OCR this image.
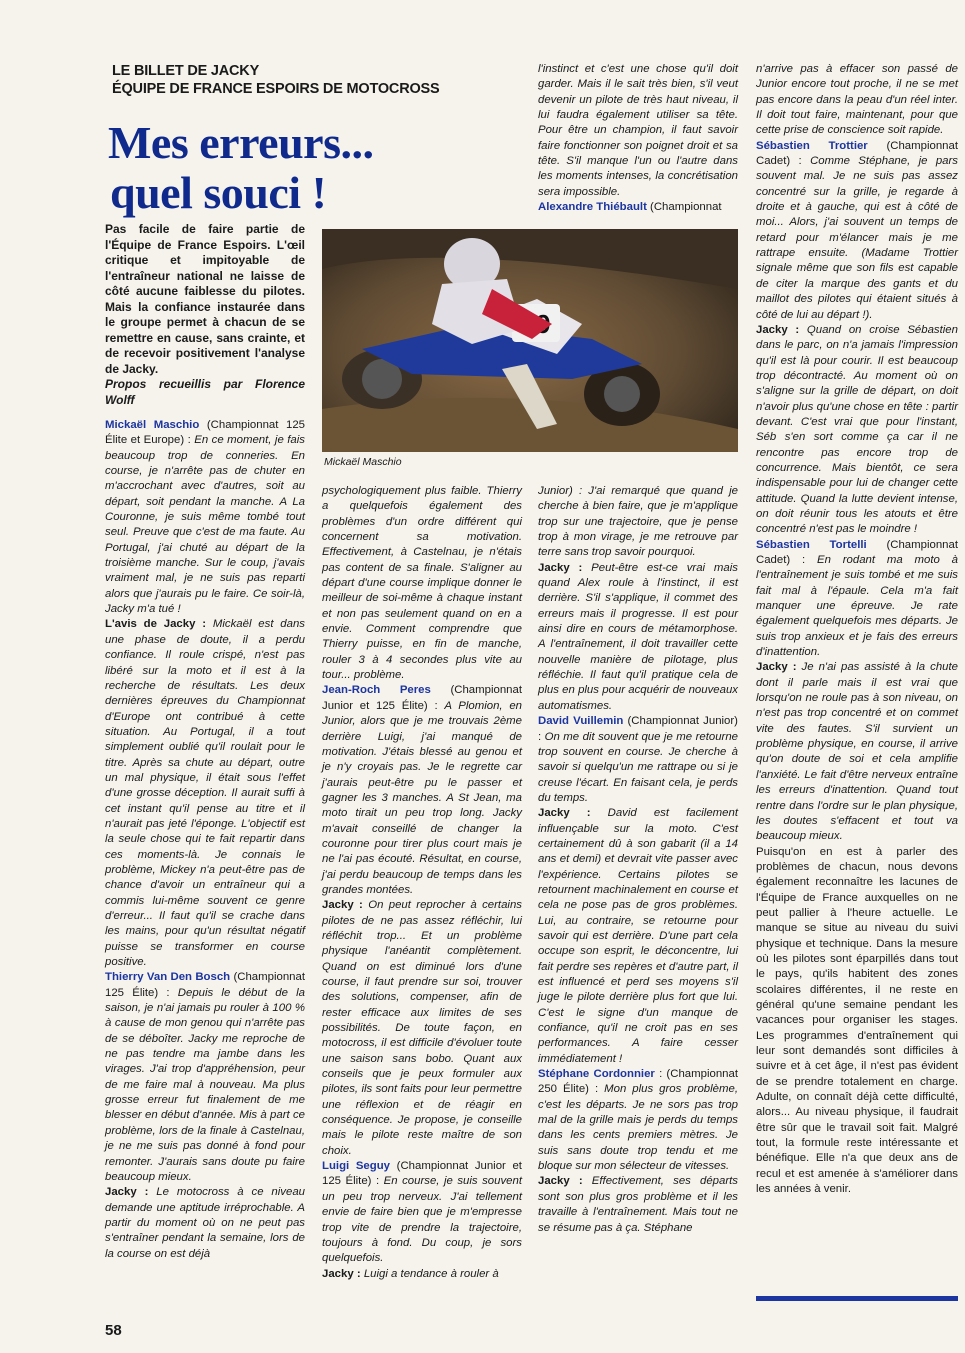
LE BILLET DE JACKY
ÉQUIPE DE FRANCE ESPOIRS DE MOTOCROSS
Mes erreurs...
quel souci !

Pas facile de faire partie de l'Équipe de France Espoirs. L'œil critique et impitoyable de l'entraîneur national ne laisse de côté aucune faiblesse du pilotes. Mais la confiance instaurée dans le groupe permet à chacun de se remettre en cause, sans crainte, et de recevoir positivement l'analyse de Jacky.

Propos recueillis par Florence Wolff

Mickaël Maschio (Championnat 125 Élite et Europe) : En ce moment, je fais beaucoup trop de conneries. En course, je n'arrête pas de chuter en m'accrochant avec d'autres, soit au départ, soit pendant la manche. A La Couronne, je suis même tombé tout seul. Preuve que c'est de ma faute. Au Portugal, j'ai chuté au départ de la troisième manche. Sur le coup, j'avais vraiment mal, je ne suis pas reparti alors que j'aurais pu le faire. Ce soir-là, Jacky m'a tué !

L'avis de Jacky : Mickaël est dans une phase de doute, il a perdu confiance. Il roule crispé, n'est pas libéré sur la moto et il est à la recherche de résultats. Les deux dernières épreuves du Championnat d'Europe ont contribué à cette situation. Au Portugal, il a tout simplement oublié qu'il roulait pour le titre. Après sa chute au départ, outre un mal physique, il était sous l'effet d'une grosse déception. Il aurait suffi à cet instant qu'il pense au titre et il n'aurait pas jeté l'éponge. L'objectif est la seule chose qui te fait repartir dans ces moments-là. Je connais le problème, Mickey n'a peut-être pas de chance d'avoir un entraîneur qui a commis lui-même souvent ce genre d'erreur... Il faut qu'il se crache dans les mains, pour qu'un résultat négatif puisse se transformer en course positive.

Thierry Van Den Bosch (Championnat 125 Élite) : Depuis le début de la saison, je n'ai jamais pu rouler à 100 % à cause de mon genou qui n'arrête pas de se déboîter. Jacky me reproche de ne pas tendre ma jambe dans les virages. J'ai trop d'appréhension, peur de me faire mal à nouveau. Ma plus grosse erreur fut finalement de me blesser en début d'année. Mis à part ce problème, lors de la finale à Castelnau, je ne me suis pas donné à fond pour remonter. J'aurais sans doute pu faire beaucoup mieux.

Jacky : Le motocross à ce niveau demande une aptitude irréprochable. A partir du moment où on ne peut pas s'entraîner pendant la semaine, lors de la course on est déjà

Mickaël Maschio

l'instinct et c'est une chose qu'il doit garder. Mais il le sait très bien, s'il veut devenir un pilote de très haut niveau, il lui faudra également utiliser sa tête. Pour être un champion, il faut savoir faire fonctionner son poignet droit et sa tête. S'il manque l'un ou l'autre dans les moments intenses, la concrétisation sera impossible.

Alexandre Thiébault (Championnat

psychologiquement plus faible. Thierry a quelquefois également des problèmes d'un ordre différent qui concernent sa motivation. Effectivement, à Castelnau, je n'étais pas content de sa finale. S'aligner au départ d'une course implique donner le meilleur de soi-même à chaque instant et non pas seulement quand on en a envie. Comment comprendre que Thierry puisse, en fin de manche, rouler 3 à 4 secondes plus vite au tour... problème.

Jean-Roch Peres (Championnat Junior et 125 Élite) : A Plomion, en Junior, alors que je me trouvais 2ème derrière Luigi, j'ai manqué de motivation. J'étais blessé au genou et je n'y croyais pas. Je le regrette car j'aurais peut-être pu le passer et gagner les 3 manches. A St Jean, ma moto tirait un peu trop long. Jacky m'avait conseillé de changer la couronne pour tirer plus court mais je ne l'ai pas écouté. Résultat, en course, j'ai perdu beaucoup de temps dans les grandes montées.

Jacky : On peut reprocher à certains pilotes de ne pas assez réfléchir, lui réfléchit trop... Et un problème physique l'anéantit complètement. Quand on est diminué lors d'une course, il faut prendre sur soi, trouver des solutions, compenser, afin de rester efficace aux limites de ses possibilités. De toute façon, en motocross, il est difficile d'évoluer toute une saison sans bobo. Quant aux conseils que je peux formuler aux pilotes, ils sont faits pour leur permettre une réflexion et de réagir en conséquence. Je propose, je conseille mais le pilote reste maître de son choix.

Luigi Seguy (Championnat Junior et 125 Élite) : En course, je suis souvent un peu trop nerveux. J'ai tellement envie de faire bien que je m'empresse trop vite de prendre la trajectoire, toujours à fond. Du coup, je sors quelquefois.

Jacky : Luigi a tendance à rouler à

Junior) : J'ai remarqué que quand je cherche à bien faire, que je m'applique trop sur une trajectoire, que je pense trop à mon virage, je me retrouve par terre sans trop savoir pourquoi.

Jacky : Peut-être est-ce vrai mais quand Alex roule à l'instinct, il est derrière. S'il s'applique, il commet des erreurs mais il progresse. Il est pour ainsi dire en cours de métamorphose. A l'entraînement, il doit travailler cette nouvelle manière de pilotage, plus réfléchie. Il faut qu'il pratique cela de plus en plus pour acquérir de nouveaux automatismes.

David Vuillemin (Championnat Junior) : On me dit souvent que je me retourne trop souvent en course. Je cherche à savoir si quelqu'un me rattrape ou si je creuse l'écart. En faisant cela, je perds du temps.

Jacky : David est facilement influençable sur la moto. C'est certainement dû à son gabarit (il a 14 ans et demi) et devrait vite passer avec l'expérience. Certains pilotes se retournent machinalement en course et cela ne pose pas de gros problèmes. Lui, au contraire, se retourne pour savoir qui est derrière. D'une part cela occupe son esprit, le déconcentre, lui fait perdre ses repères et d'autre part, il est influencé et perd ses moyens s'il juge le pilote derrière plus fort que lui. C'est le signe d'un manque de confiance, qu'il ne croit pas en ses performances. A faire cesser immédiatement !

Stéphane Cordonnier : (Championnat 250 Élite) : Mon plus gros problème, c'est les départs. Je ne sors pas trop mal de la grille mais je perds du temps dans les cents premiers mètres. Je suis sans doute trop tendu et me bloque sur mon sélecteur de vitesses.

Jacky : Effectivement, ses départs sont son plus gros problème et il les travaille à l'entraînement. Mais tout ne se résume pas à ça. Stéphane

n'arrive pas à effacer son passé de Junior encore tout proche, il ne se met pas encore dans la peau d'un réel inter. Il doit tout faire, maintenant, pour que cette prise de conscience soit rapide.

Sébastien Trottier (Championnat Cadet) : Comme Stéphane, je pars souvent mal. Je ne suis pas assez concentré sur la grille, je regarde à droite et à gauche, qui est à côté de moi... Alors, j'ai souvent un temps de retard pour m'élancer mais je me rattrape ensuite. (Madame Trottier signale même que son fils est capable de citer la marque des gants et du maillot des pilotes qui étaient situés à côté de lui au départ !).

Jacky : Quand on croise Sébastien dans le parc, on n'a jamais l'impression qu'il est là pour courir. Il est beaucoup trop décontracté. Au moment où on s'aligne sur la grille de départ, on doit n'avoir plus qu'une chose en tête : partir devant. C'est vrai que pour l'instant, Séb s'en sort comme ça car il ne rencontre pas encore trop de concurrence. Mais bientôt, ce sera indispensable pour lui de changer cette attitude. Quand la lutte devient intense, on doit réunir tous les atouts et être concentré n'est pas le moindre !

Sébastien Tortelli (Championnat Cadet) : En rodant ma moto à l'entraînement je suis tombé et me suis fait mal à l'épaule. Cela m'a fait manquer une épreuve. Je rate également quelquefois mes départs. Je suis trop anxieux et je fais des erreurs d'inattention.

Jacky : Je n'ai pas assisté à la chute dont il parle mais il est vrai que lorsqu'on ne roule pas à son niveau, on n'est pas trop concentré et on commet vite des fautes. S'il survient un problème physique, en course, il arrive qu'on doute de soi et cela amplifie l'anxiété. Le fait d'être nerveux entraîne les erreurs d'inattention. Quand tout rentre dans l'ordre sur le plan physique, les doutes s'effacent et tout va beaucoup mieux.

Puisqu'on en est à parler des problèmes de chacun, nous devons également reconnaître les lacunes de l'Équipe de France auxquelles on ne peut pallier à l'heure actuelle. Le manque se situe au niveau du suivi physique et technique. Dans la mesure où les pilotes sont éparpillés dans tout le pays, qu'ils habitent des zones scolaires différentes, il ne reste en général qu'une semaine pendant les vacances pour organiser les stages. Les programmes d'entraînement qui leur sont demandés sont difficiles à suivre et à cet âge, il n'est pas évident de se prendre totalement en charge. Adulte, on connaît déjà cette difficulté, alors... Au niveau physique, il faudrait être sûr que le travail soit fait. Malgré tout, la formule reste intéressante et bénéfique. Elle n'a que deux ans de recul et est amenée à s'améliorer dans les années à venir.

58
